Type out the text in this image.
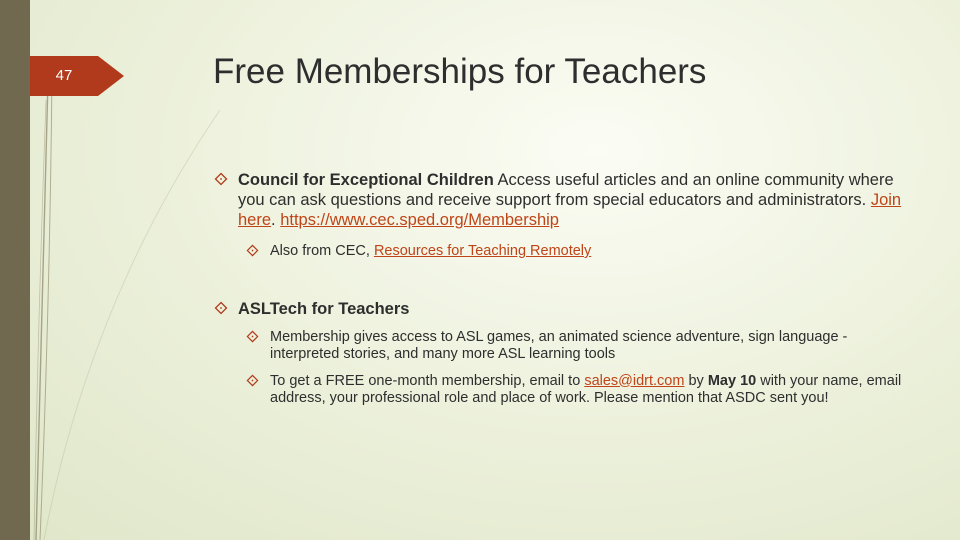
47	Free Memberships for Teachers
Council for Exceptional Children Access useful articles and an online community where you can ask questions and receive support from special educators and administrators. Join here. https://www.cec.sped.org/Membership
Also from CEC, Resources for Teaching Remotely
ASLTech for Teachers
Membership gives access to ASL games, an animated science adventure, sign language -interpreted stories, and many more ASL learning tools
To get a FREE one-month membership, email to sales@idrt.com by May 10 with your name, email address, your professional role and place of work. Please mention that ASDC sent you!
